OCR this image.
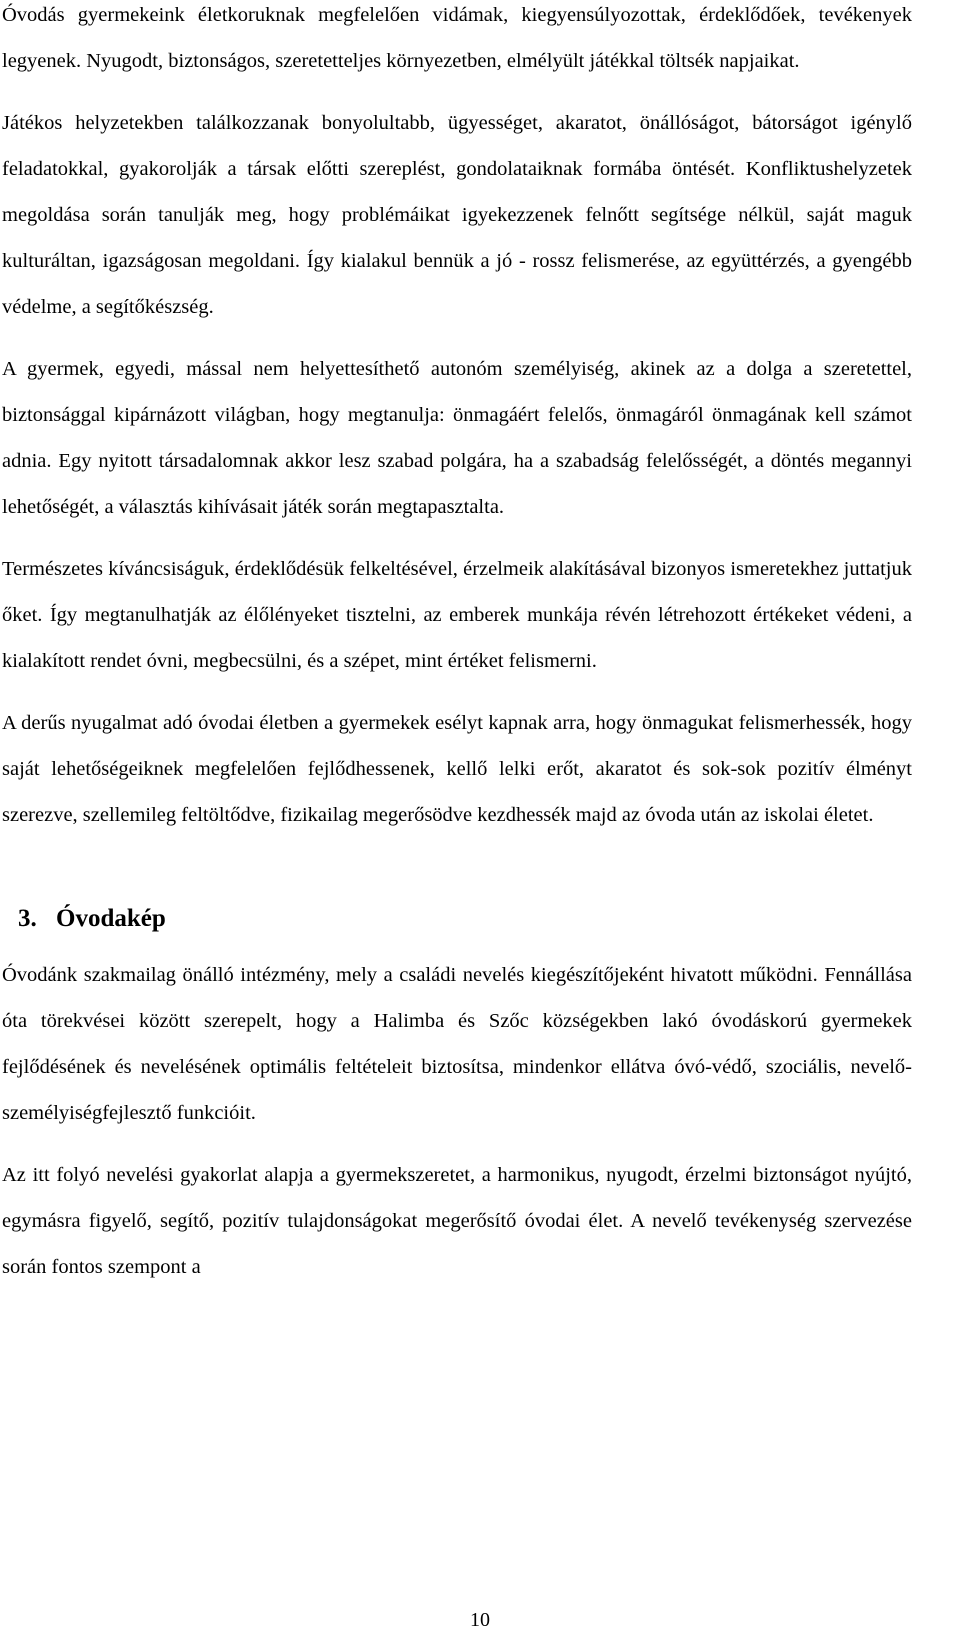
Óvodás gyermekeink életkoruknak megfelelően vidámak, kiegyensúlyozottak, érdeklődőek, tevékenyek legyenek. Nyugodt, biztonságos, szeretetteljes környezetben, elmélyült játékkal töltsék napjaikat.

Játékos helyzetekben találkozzanak bonyolultabb, ügyességet, akaratot, önállóságot, bátorságot igénylő feladatokkal, gyakorolják a társak előtti szereplést, gondolataiknak formába öntését. Konfliktushelyzetek megoldása során tanulják meg, hogy problémáikat igyekezzenek felnőtt segítsége nélkül, saját maguk kulturáltan, igazságosan megoldani. Így kialakul bennük a jó - rossz felismerése, az együttérzés, a gyengébb védelme, a segítőkészség.

A gyermek, egyedi, mással nem helyettesíthető autonóm személyiség, akinek az a dolga a szeretettel, biztonsággal kipárnázott világban, hogy megtanulja: önmagáért felelős, önmagáról önmagának kell számot adnia. Egy nyitott társadalomnak akkor lesz szabad polgára, ha a szabadság felelősségét, a döntés megannyi lehetőségét, a választás kihívásait játék során megtapasztalta.

Természetes kíváncsiságuk, érdeklődésük felkeltésével, érzelmeik alakításával bizonyos ismeretekhez juttatjuk őket. Így megtanulhatják az élőlényeket tisztelni, az emberek munkája révén létrehozott értékeket védeni, a kialakított rendet óvni, megbecsülni, és a szépet, mint értéket felismerni.

A derűs nyugalmat adó óvodai életben a gyermekek esélyt kapnak arra, hogy önmagukat felismerhessék, hogy saját lehetőségeiknek megfelelően fejlődhessenek, kellő lelki erőt, akaratot és sok-sok pozitív élményt szerezve, szellemileg feltöltődve, fizikailag megerősödve kezdhessék majd az óvoda után az iskolai életet.

3. Óvodakép

Óvodánk szakmailag önálló intézmény, mely a családi nevelés kiegészítőjeként hivatott működni. Fennállása óta törekvései között szerepelt, hogy a Halimba és Szőc községekben lakó óvodáskorú gyermekek fejlődésének és nevelésének optimális feltételeit biztosítsa, mindenkor ellátva óvó-védő, szociális, nevelő-személyiségfejlesztő funkcióit.

Az itt folyó nevelési gyakorlat alapja a gyermekszeretet, a harmonikus, nyugodt, érzelmi biztonságot nyújtó, egymásra figyelő, segítő, pozitív tulajdonságokat megerősítő óvodai élet. A nevelő tevékenység szervezése során fontos szempont a

10
